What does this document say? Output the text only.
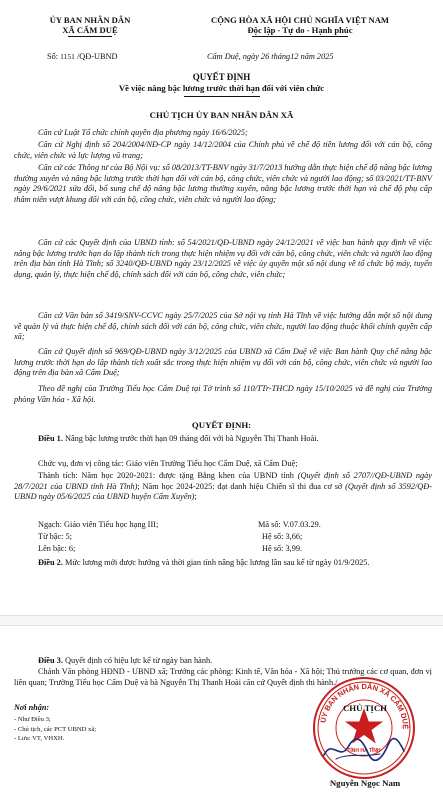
ỦY BAN NHÂN DÂN
XÃ CẨM DUỆ
CỘNG HÒA XÃ HỘI CHỦ NGHĨA VIỆT NAM
Độc lập - Tự do - Hạnh phúc
Số: 1151 /QĐ-UBND	Cẩm Duệ, ngày 26 tháng12 năm 2025
QUYẾT ĐỊNH
Về việc nâng bậc lương trước thời hạn đối với viên chức
CHỦ TỊCH ỦY BAN NHÂN DÂN XÃ
Căn cứ Luật Tổ chức chính quyền địa phương ngày 16/6/2025;
Căn cứ Nghị định số 204/2004/NĐ-CP ngày 14/12/2004 của Chính phủ về chế độ tiền lương đối với cán bộ, công chức, viên chức và lực lượng vũ trang;
Căn cứ các Thông tư của Bộ Nội vụ: số 08/2013/TT-BNV ngày 31/7/2013 hướng dẫn thực hiện chế độ nâng bậc lương thường xuyên và nâng bậc lương trước thời hạn đối với cán bộ, công chức, viên chức và người lao động; số 03/2021/TT-BNV ngày 29/6/2021 sửa đổi, bổ sung chế độ nâng bậc lương thường xuyên, nâng bậc lương trước thời hạn và chế độ phụ cấp thâm niên vượt khung đối với cán bộ, công chức, viên chức và người lao động;
Căn cứ các Quyết định của UBND tỉnh: số 54/2021/QĐ-UBND ngày 24/12/2021 về việc ban hành quy định về việc nâng bậc lương trước hạn do lập thành tích trong thực hiện nhiệm vụ đối với cán bộ, công chức, viên chức và người lao động trên địa bàn tỉnh Hà Tĩnh; số 3240/QĐ-UBND ngày 23/12/2025 về việc ủy quyền một số nội dung về tổ chức bộ máy, tuyển dụng, quản lý, thực hiện chế độ, chính sách đối với cán bộ, công chức, viên chức;
Căn cứ Văn bản số 3419/SNV-CCVC ngày 25/7/2025 của Sở nội vụ tỉnh Hà Tĩnh về việc hướng dẫn một số nội dung về quản lý và thực hiện chế độ, chính sách đối với cán bộ, công chức, viên chức, người lao động thuộc khối chính quyền cấp xã;
Căn cứ Quyết định số 969/QĐ-UBND ngày 3/12/2025 của UBND xã Cẩm Duệ về việc Ban hành Quy chế nâng bậc lương trước thời hạn do lập thành tích xuất sắc trong thực hiện nhiệm vụ đối với cán bộ, công chức, viên chức và người lao động trên địa bàn xã Cẩm Duệ;
Theo đề nghị của Trường Tiểu học Cẩm Duệ tại Tờ trình số 110/TTr-THCD ngày 15/10/2025 và đề nghị của Trường phòng Văn hóa - Xã hội.
QUYẾT ĐỊNH:
Điều 1. Nâng bậc lương trước thời hạn 09 tháng đối với bà Nguyễn Thị Thanh Hoài.
Chức vụ, đơn vị công tác: Giáo viên Trường Tiểu học Cẩm Duệ, xã Cẩm Duệ;
Thành tích: Năm học 2020-2021: được tặng Bằng khen của UBND tỉnh (Quyết định số 2707//QĐ-UBND ngày 28/7/2021 của UBND tỉnh Hà Tĩnh); Năm học 2024-2025: đạt danh hiệu Chiến sĩ thi đua cơ sở (Quyết định số 3592/QĐ-UBND ngày 05/6/2025 của UBND huyện Cẩm Xuyên);
Ngạch: Giáo viên Tiểu học hạng III;	Mã số: V.07.03.29.
Từ bậc: 5;	Hệ số: 3,66;
Lên bậc: 6;	Hệ số: 3,99.
Điều 2. Mức lương mới được hưởng và thời gian tính nâng bậc lương lần sau kể từ ngày 01/9/2025.
Điều 3. Quyết định có hiệu lực kể từ ngày ban hành.
Chánh Văn phòng HĐND - UBND xã; Trưởng các phòng: Kinh tế, Văn hóa - Xã hội; Thủ trưởng các cơ quan, đơn vị liên quan; Trường Tiểu học Cẩm Duệ và bà Nguyễn Thị Thanh Hoài căn cứ Quyết định thi hành./.
Nơi nhận:
- Như Điều 3;
- Chủ tịch, các PCT UBND xã;
- Lưu: VT, VHXH.
ỦY BAN NHÂN DÂN XÃ CẨM DUỆ
TỈNH HÀ TĨNH
CHỦ TỊCH
Nguyễn Ngọc Nam
